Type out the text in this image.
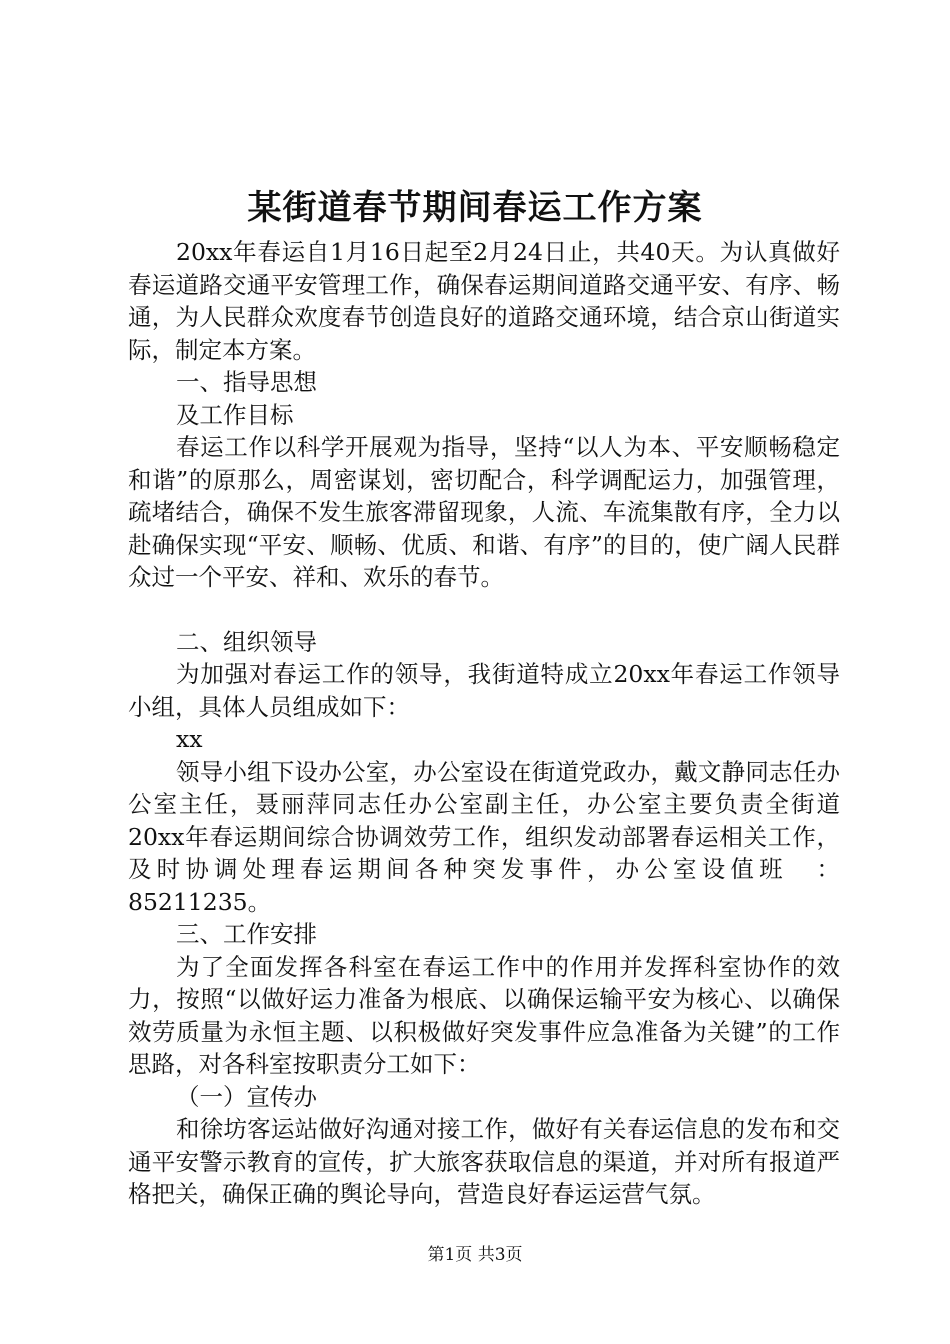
某街道春节期间春运工作方案

20xx年春运自1月16日起至2月24日止，共40天。为认真做好春运道路交通平安管理工作，确保春运期间道路交通平安、有序、畅通，为人民群众欢度春节创造良好的道路交通环境，结合京山街道实际，制定本方案。

一、指导思想

及工作目标

春运工作以科学开展观为指导，坚持“以人为本、平安顺畅稳定和谐”的原那么，周密谋划，密切配合，科学调配运力，加强管理，疏堵结合，确保不发生旅客滞留现象，人流、车流集散有序，全力以赴确保实现“平安、顺畅、优质、和谐、有序”的目的，使广阔人民群众过一个平安、祥和、欢乐的春节。

二、组织领导

为加强对春运工作的领导，我街道特成立20xx年春运工作领导小组，具体人员组成如下：

xx

领导小组下设办公室，办公室设在街道党政办，戴文静同志任办公室主任，聂丽萍同志任办公室副主任，办公室主要负责全街道20xx年春运期间综合协调效劳工作，组织发动部署春运相关工作，及时协调处理春运期间各种突发事件，办公室设值班　：85211235。

三、工作安排

为了全面发挥各科室在春运工作中的作用并发挥科室协作的效力，按照“以做好运力准备为根底、以确保运输平安为核心、以确保效劳质量为永恒主题、以积极做好突发事件应急准备为关键”的工作思路，对各科室按职责分工如下：

（一）宣传办

和徐坊客运站做好沟通对接工作，做好有关春运信息的发布和交通平安警示教育的宣传，扩大旅客获取信息的渠道，并对所有报道严格把关，确保正确的舆论导向，营造良好春运运营气氛。

第1页 共3页
